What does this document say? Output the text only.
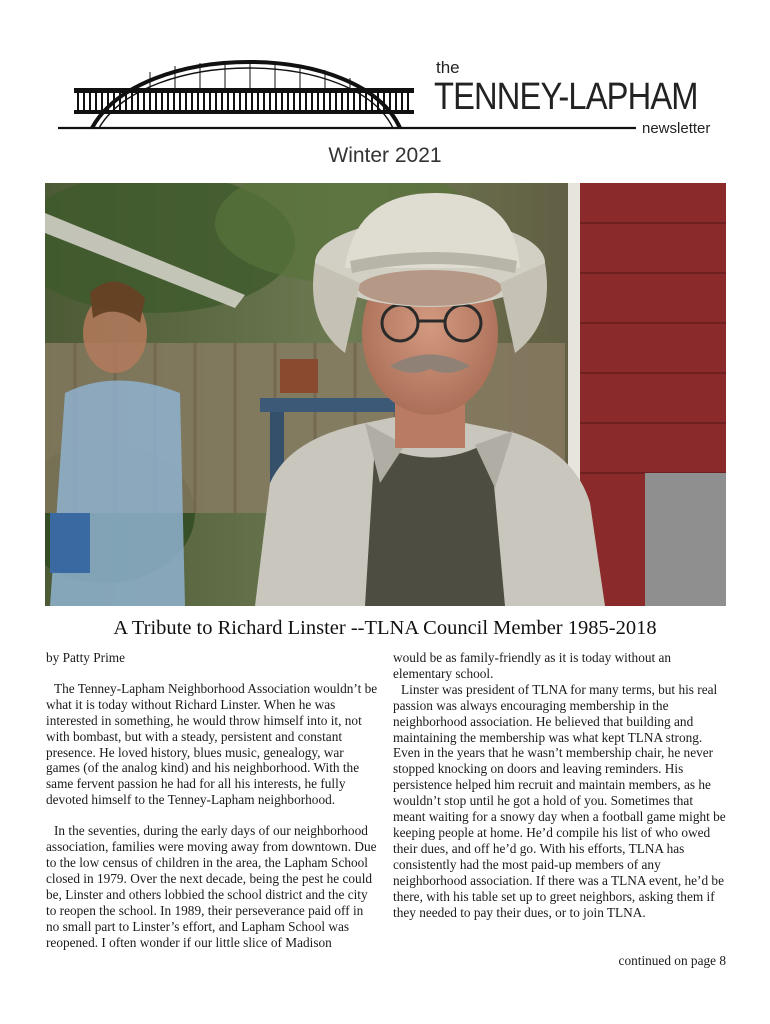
the
TENNEY-LAPHAM
newsletter
Winter 2021
A Tribute to Richard Linster --TLNA Council Member 1985-2018

by Patty Prime

The Tenney-Lapham Neighborhood Association wouldn’t be what it is today without Richard Linster. When he was interested in something, he would throw himself into it, not with bombast, but with a steady, persistent and constant presence. He loved history, blues music, genealogy, war games (of the analog kind) and his neighborhood. With the same fervent passion he had for all his interests, he fully devoted himself to the Tenney-Lapham neighborhood.

In the seventies, during the early days of our neighborhood association, families were moving away from downtown. Due to the low census of children in the area, the Lapham School closed in 1979. Over the next decade, being the pest he could be, Linster and others lobbied the school district and the city to reopen the school. In 1989, their perseverance paid off in no small part to Linster’s effort, and Lapham School was reopened. I often wonder if our little slice of Madison

would be as family-friendly as it is today without an elementary school.

Linster was president of TLNA for many terms, but his real passion was always encouraging membership in the neighborhood association. He believed that building and maintaining the membership was what kept TLNA strong. Even in the years that he wasn’t membership chair, he never stopped knocking on doors and leaving reminders. His persistence helped him recruit and maintain members, as he wouldn’t stop until he got a hold of you. Sometimes that meant waiting for a snowy day when a football game might be keeping people at home. He’d compile his list of who owed their dues, and off he’d go. With his efforts, TLNA has consistently had the most paid-up members of any neighborhood association. If there was a TLNA event, he’d be there, with his table set up to greet neighbors, asking them if they needed to pay their dues, or to join TLNA.

continued on page 8
